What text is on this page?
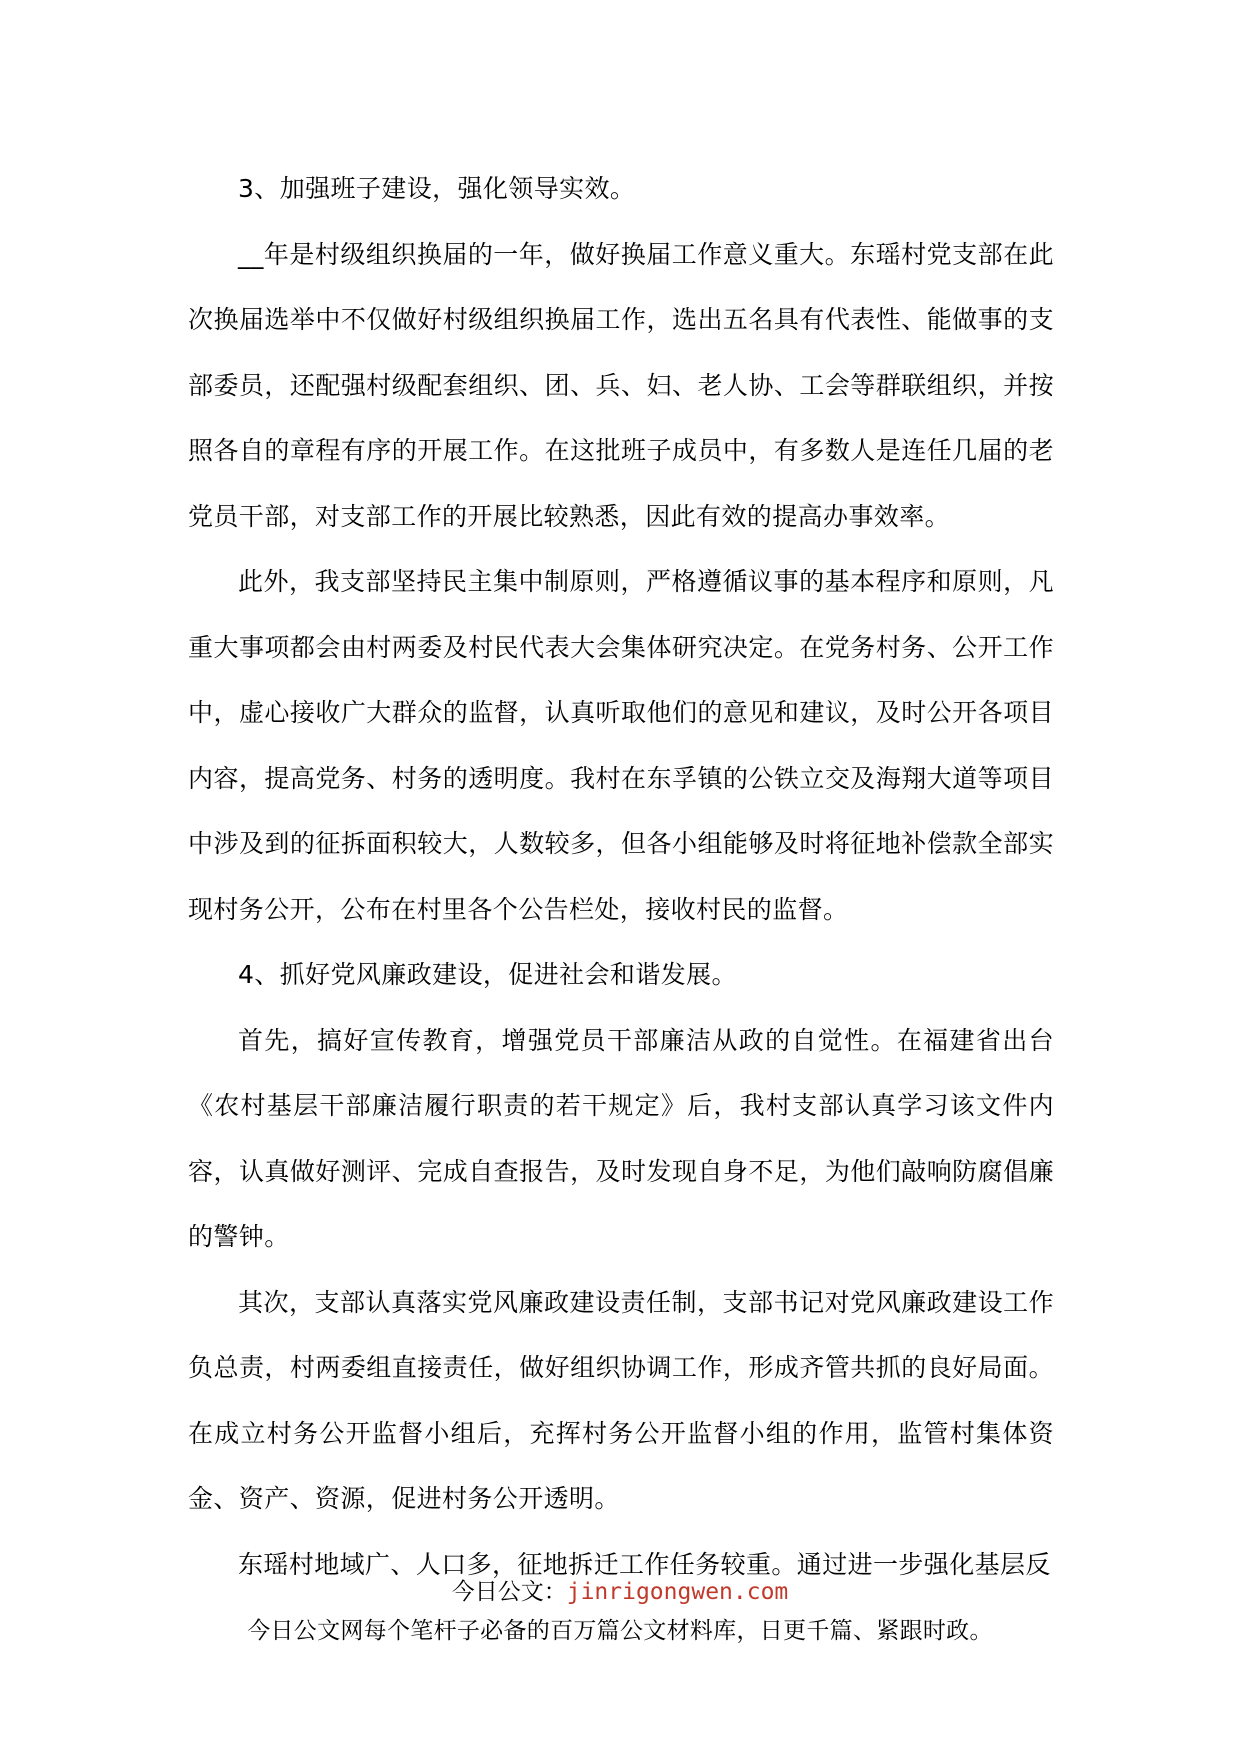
3、加强班子建设，强化领导实效。

__年是村级组织换届的一年，做好换届工作意义重大。东瑶村党支部在此次换届选举中不仅做好村级组织换届工作，选出五名具有代表性、能做事的支部委员，还配强村级配套组织、团、兵、妇、老人协、工会等群联组织，并按照各自的章程有序的开展工作。在这批班子成员中，有多数人是连任几届的老党员干部，对支部工作的开展比较熟悉，因此有效的提高办事效率。

此外，我支部坚持民主集中制原则，严格遵循议事的基本程序和原则，凡重大事项都会由村两委及村民代表大会集体研究决定。在党务村务、公开工作中，虚心接收广大群众的监督，认真听取他们的意见和建议，及时公开各项目内容，提高党务、村务的透明度。我村在东孚镇的公铁立交及海翔大道等项目中涉及到的征拆面积较大，人数较多，但各小组能够及时将征地补偿款全部实现村务公开，公布在村里各个公告栏处，接收村民的监督。

4、抓好党风廉政建设，促进社会和谐发展。

首先，搞好宣传教育，增强党员干部廉洁从政的自觉性。在福建省出台《农村基层干部廉洁履行职责的若干规定》后，我村支部认真学习该文件内容，认真做好测评、完成自查报告，及时发现自身不足，为他们敲响防腐倡廉的警钟。

其次，支部认真落实党风廉政建设责任制，支部书记对党风廉政建设工作负总责，村两委组直接责任，做好组织协调工作，形成齐管共抓的良好局面。在成立村务公开监督小组后，充挥村务公开监督小组的作用，监管村集体资金、资产、资源，促进村务公开透明。

东瑶村地域广、人口多，征地拆迁工作任务较重。通过进一步强化基层反

今日公文：jinrigongwen.com
今日公文网每个笔杆子必备的百万篇公文材料库，日更千篇、紧跟时政。
